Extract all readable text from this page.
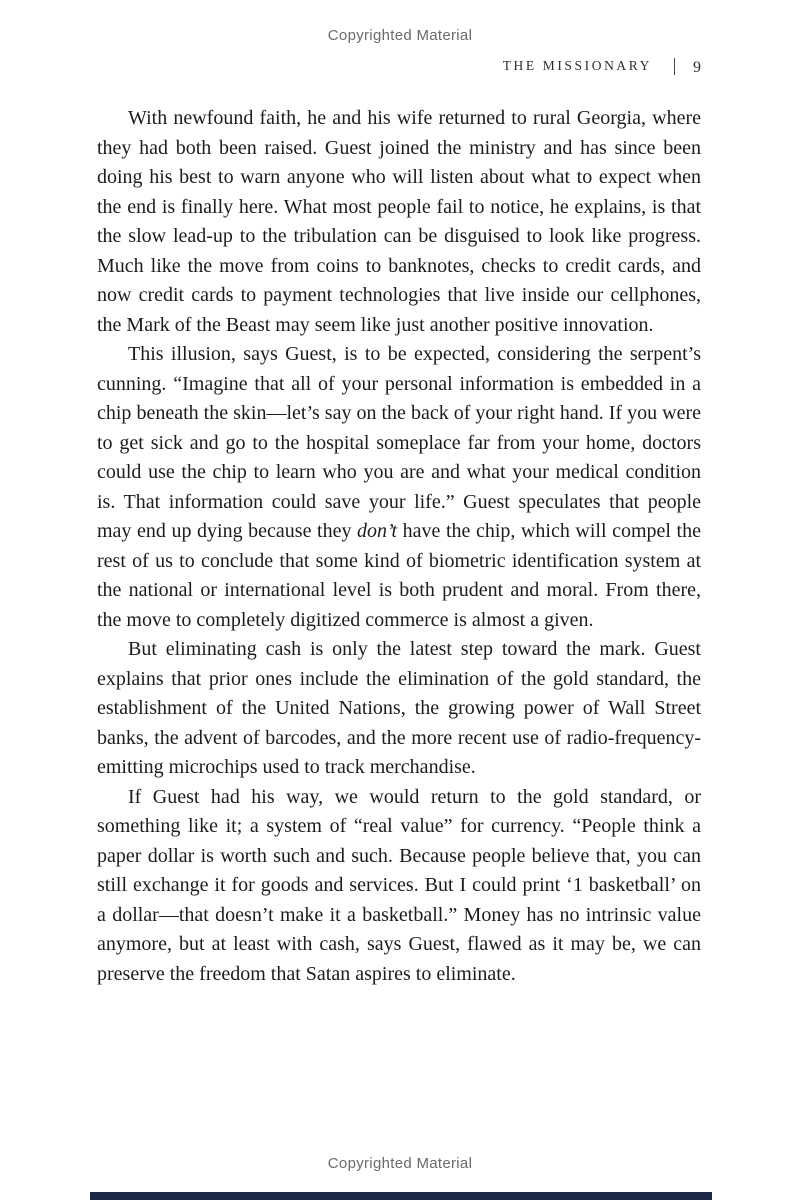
Copyrighted Material
THE MISSIONARY	9

With newfound faith, he and his wife returned to rural Georgia, where they had both been raised. Guest joined the ministry and has since been doing his best to warn anyone who will listen about what to expect when the end is finally here. What most people fail to notice, he explains, is that the slow lead-up to the tribulation can be disguised to look like progress. Much like the move from coins to banknotes, checks to credit cards, and now credit cards to payment technologies that live inside our cellphones, the Mark of the Beast may seem like just another positive innovation.

This illusion, says Guest, is to be expected, considering the serpent’s cunning. “Imagine that all of your personal information is embedded in a chip beneath the skin—let’s say on the back of your right hand. If you were to get sick and go to the hospital someplace far from your home, doctors could use the chip to learn who you are and what your medical condition is. That information could save your life.” Guest speculates that people may end up dying because they don’t have the chip, which will compel the rest of us to conclude that some kind of biometric identification system at the national or international level is both prudent and moral. From there, the move to completely digitized commerce is almost a given.

But eliminating cash is only the latest step toward the mark. Guest explains that prior ones include the elimination of the gold standard, the establishment of the United Nations, the growing power of Wall Street banks, the advent of barcodes, and the more recent use of radio-frequency-emitting microchips used to track merchandise.

If Guest had his way, we would return to the gold standard, or something like it; a system of “real value” for currency. “People think a paper dollar is worth such and such. Because people believe that, you can still exchange it for goods and services. But I could print ‘1 basketball’ on a dollar—that doesn’t make it a basketball.” Money has no intrinsic value anymore, but at least with cash, says Guest, flawed as it may be, we can preserve the freedom that Satan aspires to eliminate.

Copyrighted Material
